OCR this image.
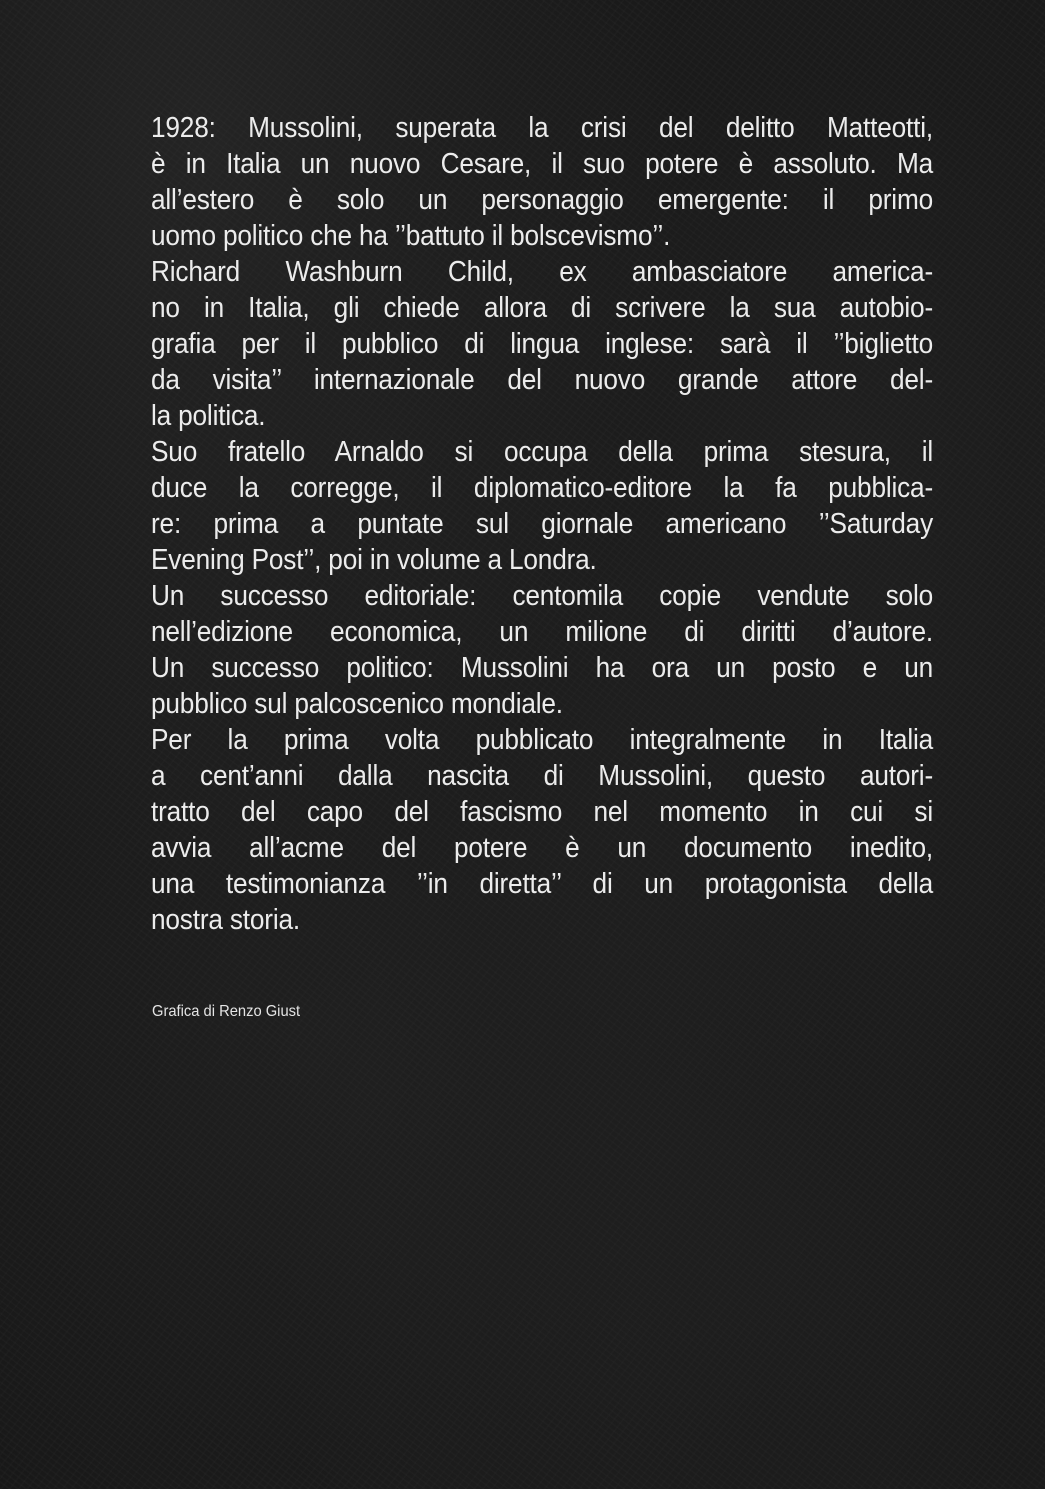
1928: Mussolini, superata la crisi del delitto Matteotti,
è in Italia un nuovo Cesare, il suo potere è assoluto. Ma
all’estero è solo un personaggio emergente: il primo
uomo politico che ha ’’battuto il bolscevismo’’.
Richard Washburn Child, ex ambasciatore america-
no in Italia, gli chiede allora di scrivere la sua autobio-
grafia per il pubblico di lingua inglese: sarà il ’’biglietto
da visita’’ internazionale del nuovo grande attore del-
la politica.
Suo fratello Arnaldo si occupa della prima stesura, il
duce la corregge, il diplomatico-editore la fa pubblica-
re: prima a puntate sul giornale americano ’’Saturday
Evening Post’’, poi in volume a Londra.
Un successo editoriale: centomila copie vendute solo
nell’edizione economica, un milione di diritti d’autore.
Un successo politico: Mussolini ha ora un posto e un
pubblico sul palcoscenico mondiale.
Per la prima volta pubblicato integralmente in Italia
a cent’anni dalla nascita di Mussolini, questo autori-
tratto del capo del fascismo nel momento in cui si
avvia all’acme del potere è un documento inedito,
una testimonianza ’’in diretta’’ di un protagonista della
nostra storia.
Grafica di Renzo Giust
